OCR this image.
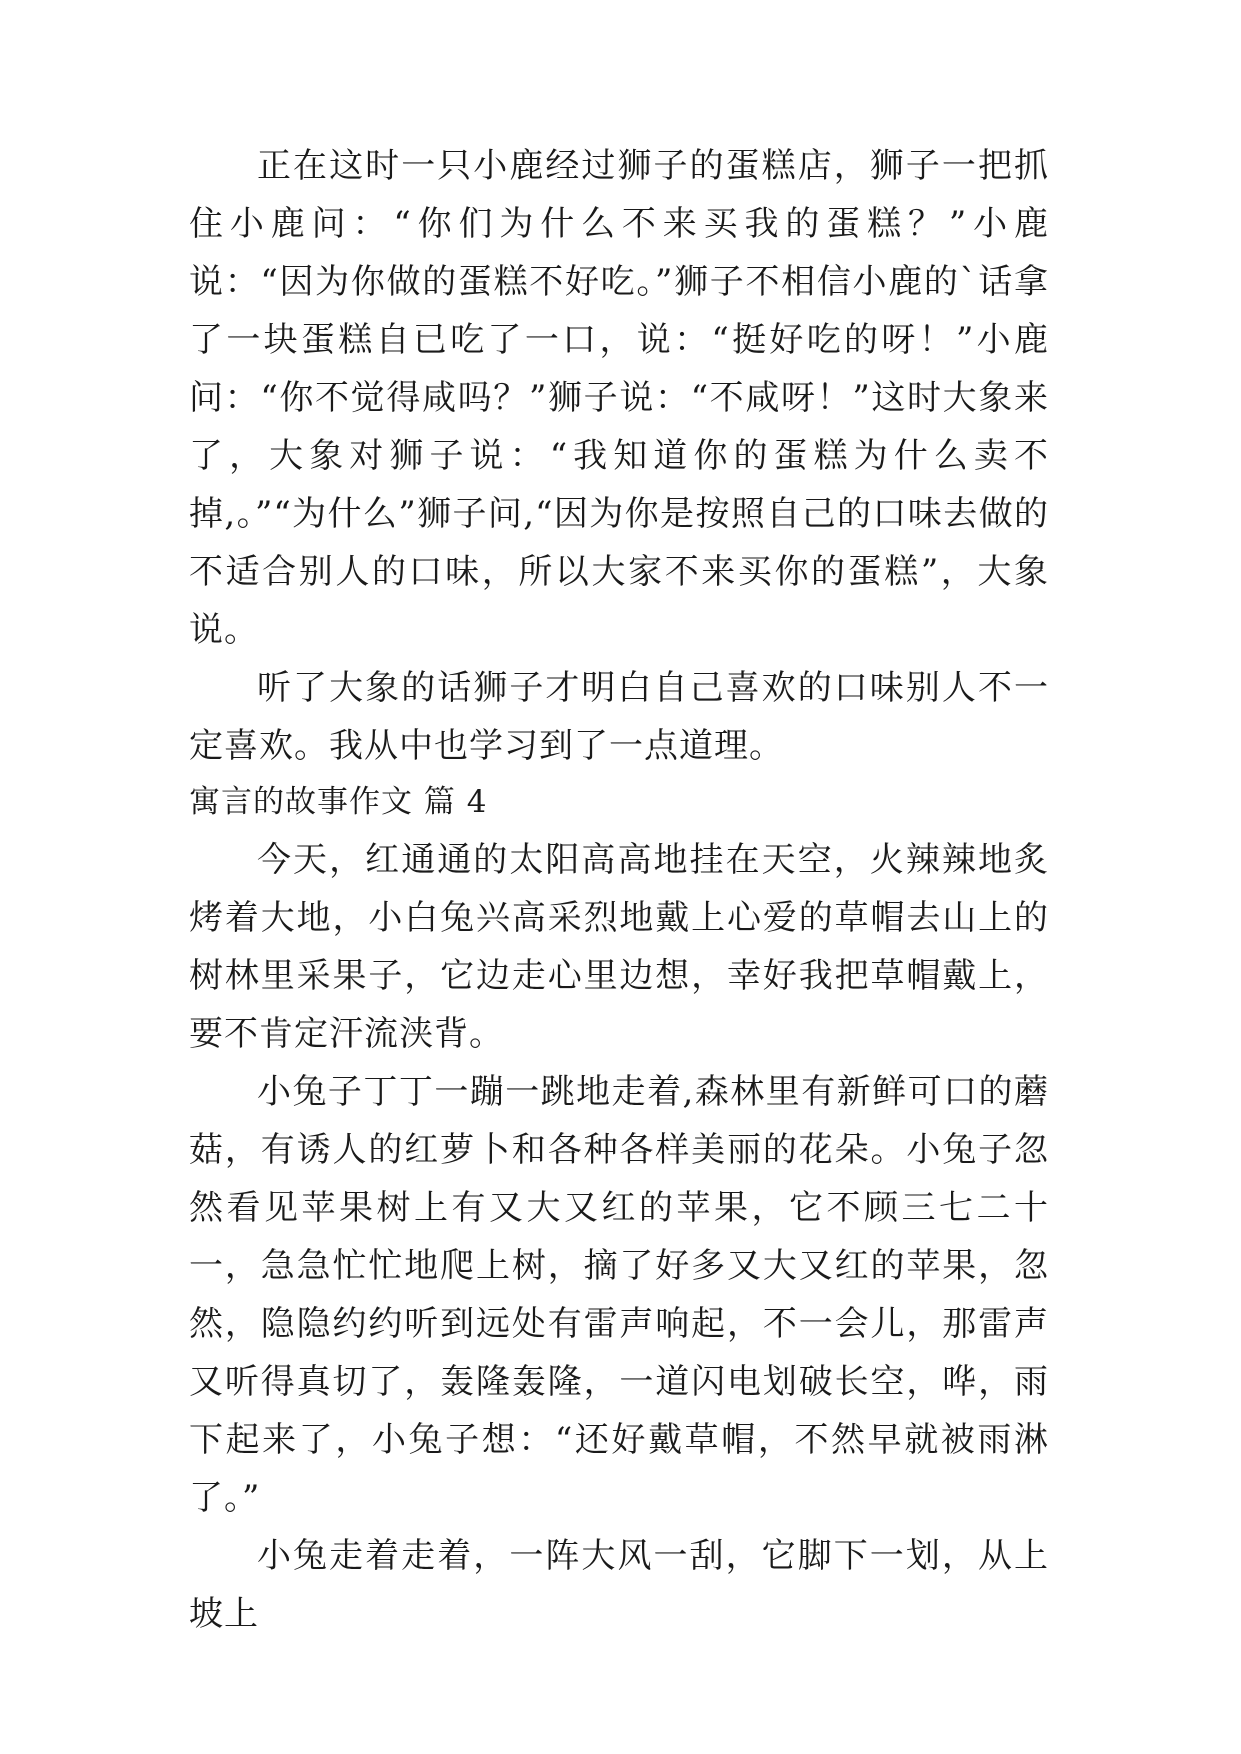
正在这时一只小鹿经过狮子的蛋糕店，狮子一把抓住小鹿问：“你们为什么不来买我的蛋糕？”小鹿说：“因为你做的蛋糕不好吃。”狮子不相信小鹿的`话拿了一块蛋糕自已吃了一口，说：“挺好吃的呀！”小鹿问：“你不觉得咸吗？”狮子说：“不咸呀！”这时大象来了，大象对狮子说：“我知道你的蛋糕为什么卖不掉,。”“为什么”狮子问,“因为你是按照自己的口味去做的不适合别人的口味，所以大家不来买你的蛋糕”，大象说。

听了大象的话狮子才明白自己喜欢的口味别人不一定喜欢。我从中也学习到了一点道理。

寓言的故事作文 篇 4

今天，红通通的太阳高高地挂在天空，火辣辣地炙烤着大地，小白兔兴高采烈地戴上心爱的草帽去山上的树林里采果子，它边走心里边想，幸好我把草帽戴上，要不肯定汗流浃背。

小兔子丁丁一蹦一跳地走着,森林里有新鲜可口的蘑菇，有诱人的红萝卜和各种各样美丽的花朵。小兔子忽然看见苹果树上有又大又红的苹果，它不顾三七二十一，急急忙忙地爬上树，摘了好多又大又红的苹果，忽然，隐隐约约听到远处有雷声响起，不一会儿，那雷声又听得真切了，轰隆轰隆，一道闪电划破长空，哗，雨下起来了，小兔子想：“还好戴草帽，不然早就被雨淋了。”

小兔走着走着，一阵大风一刮，它脚下一划，从上坡上
